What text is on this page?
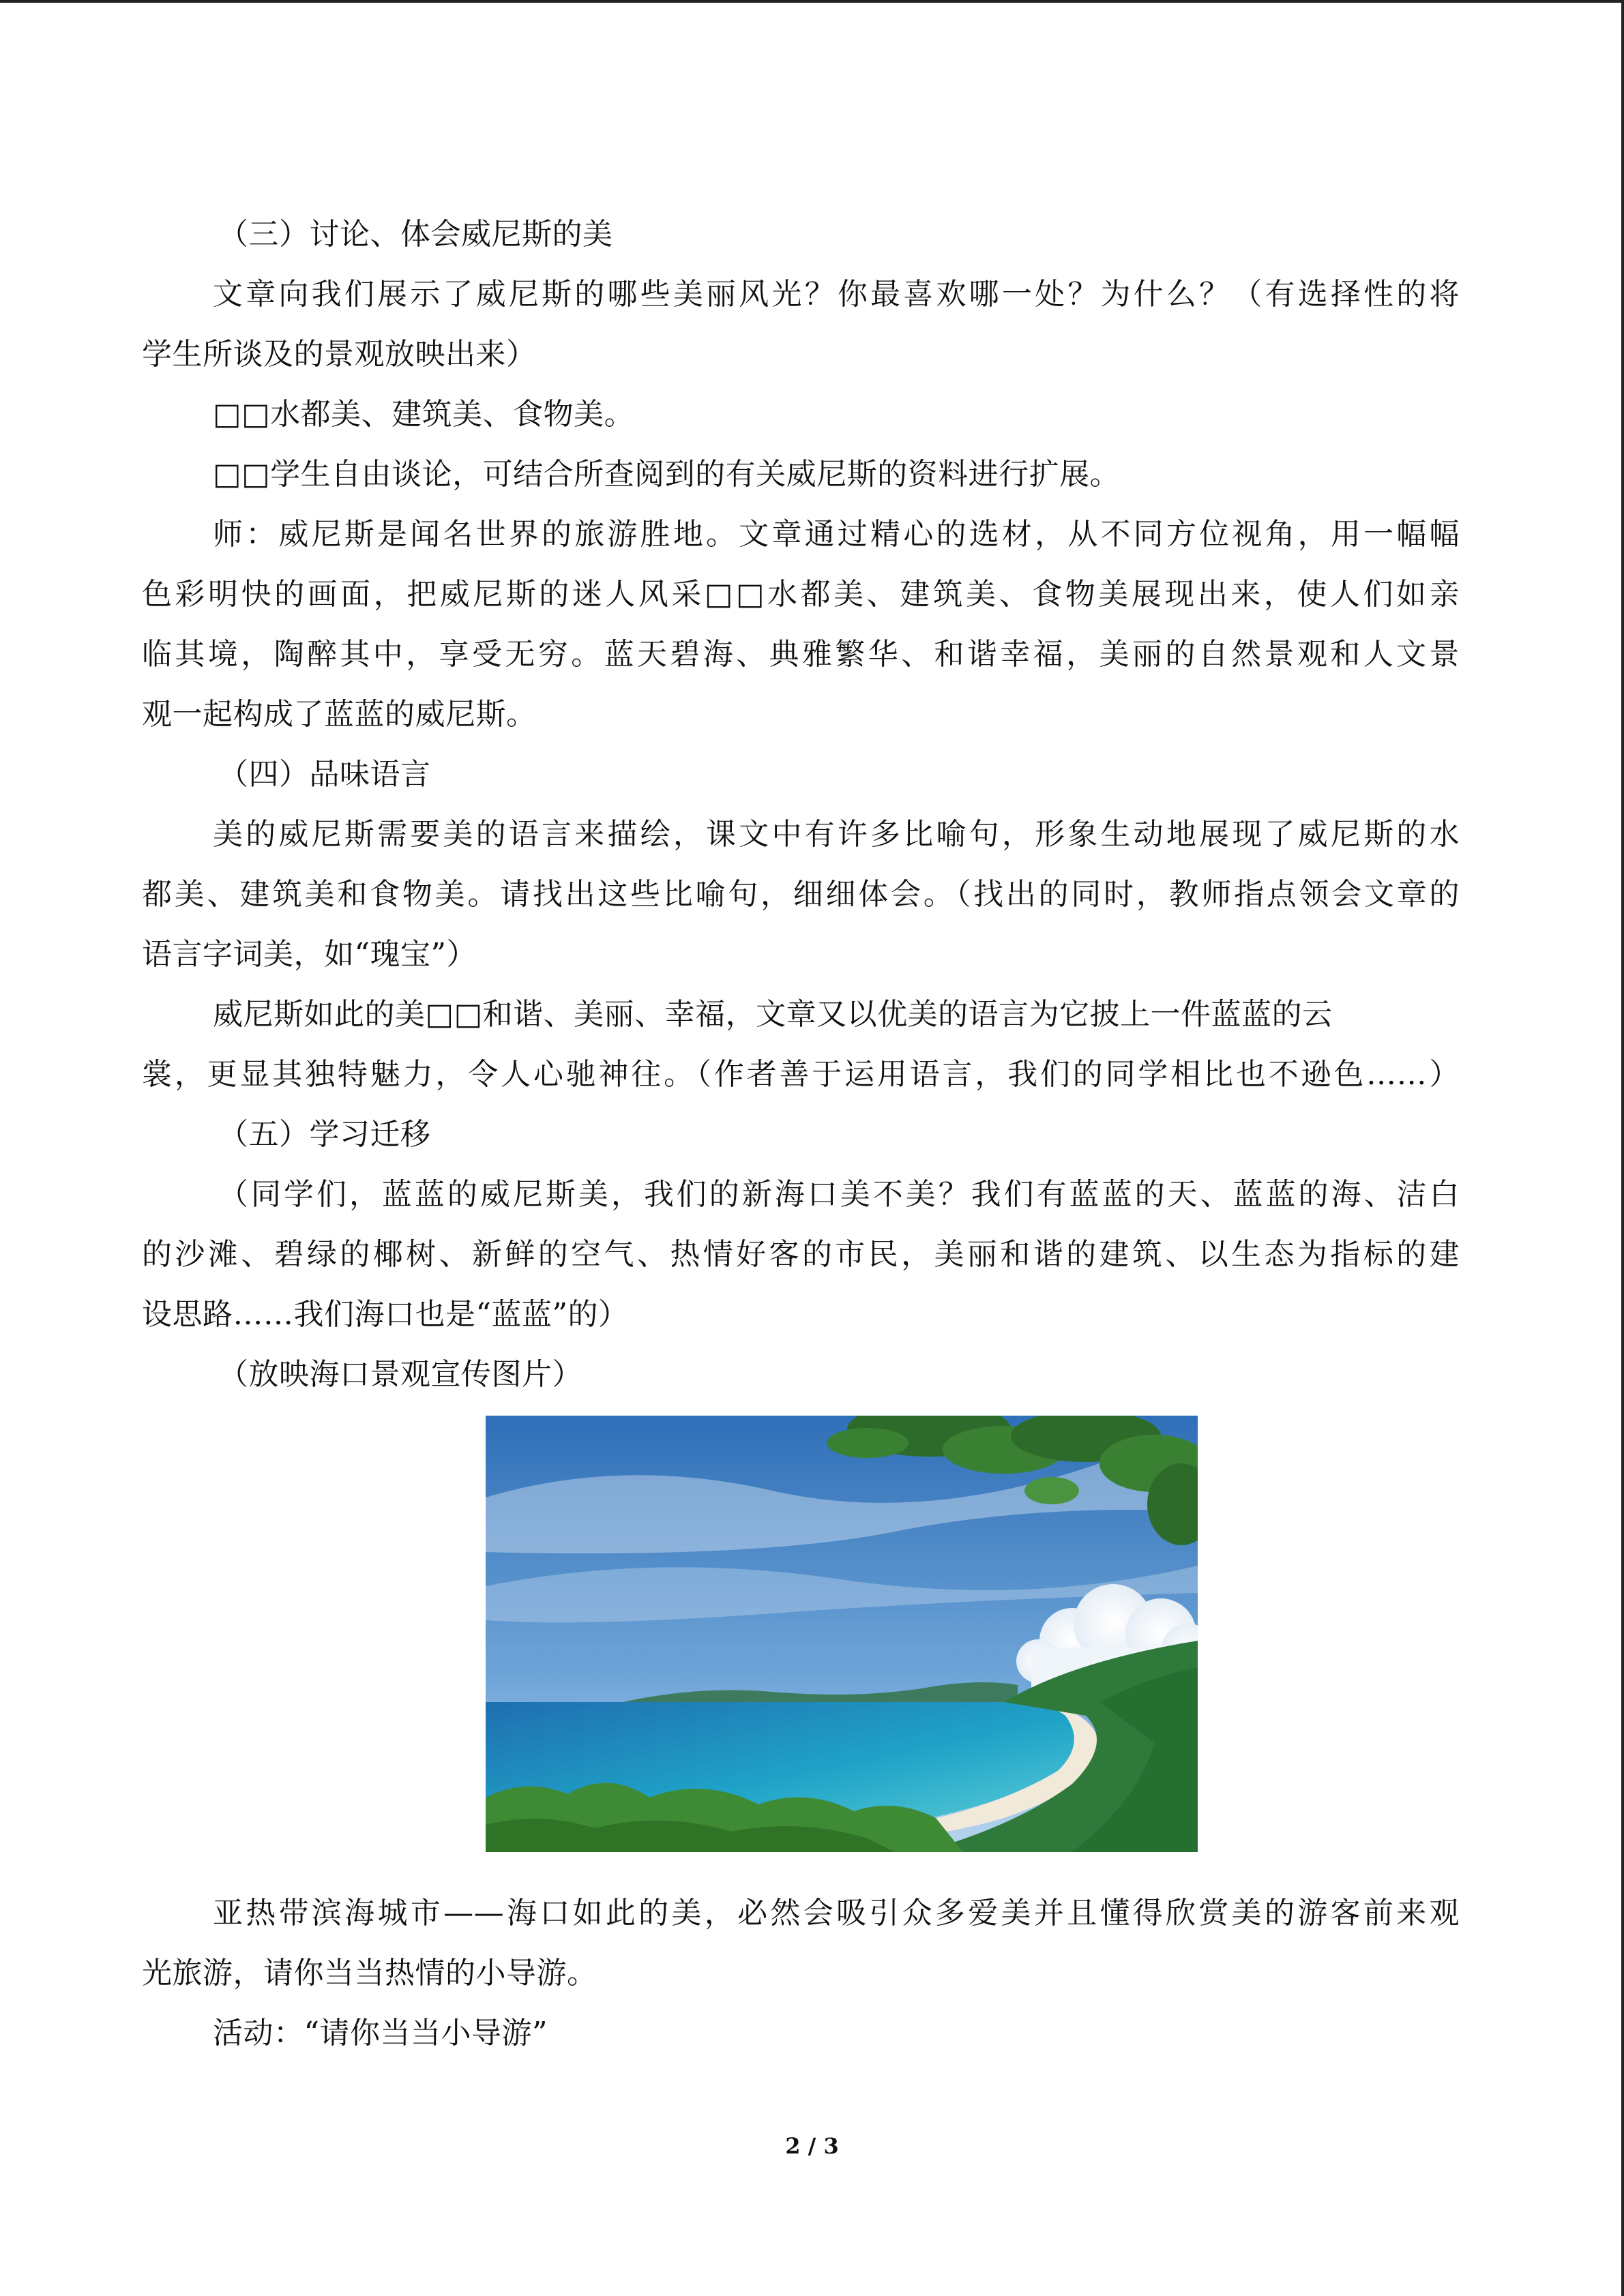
（三）讨论、体会威尼斯的美
文章向我们展示了威尼斯的哪些美丽风光？你最喜欢哪一处？为什么？（有选择性的将
学生所谈及的景观放映出来）
□□水都美、建筑美、食物美。
□□学生自由谈论，可结合所查阅到的有关威尼斯的资料进行扩展。
师：威尼斯是闻名世界的旅游胜地。文章通过精心的选材，从不同方位视角，用一幅幅
色彩明快的画面，把威尼斯的迷人风采□□水都美、建筑美、食物美展现出来，使人们如亲
临其境，陶醉其中，享受无穷。蓝天碧海、典雅繁华、和谐幸福，美丽的自然景观和人文景
观一起构成了蓝蓝的威尼斯。
（四）品味语言
美的威尼斯需要美的语言来描绘，课文中有许多比喻句，形象生动地展现了威尼斯的水
都美、建筑美和食物美。请找出这些比喻句，细细体会。（找出的同时，教师指点领会文章的
语言字词美，如“瑰宝”）
威尼斯如此的美□□和谐、美丽、幸福，文章又以优美的语言为它披上一件蓝蓝的云
裳，更显其独特魅力，令人心驰神往。（作者善于运用语言，我们的同学相比也不逊色……）
（五）学习迁移
（同学们，蓝蓝的威尼斯美，我们的新海口美不美？我们有蓝蓝的天、蓝蓝的海、洁白
的沙滩、碧绿的椰树、新鲜的空气、热情好客的市民，美丽和谐的建筑、以生态为指标的建
设思路……我们海口也是“蓝蓝”的）
（放映海口景观宣传图片）
亚热带滨海城市——海口如此的美，必然会吸引众多爱美并且懂得欣赏美的游客前来观
光旅游，请你当当热情的小导游。
活动：“请你当当小导游”
2 / 3
